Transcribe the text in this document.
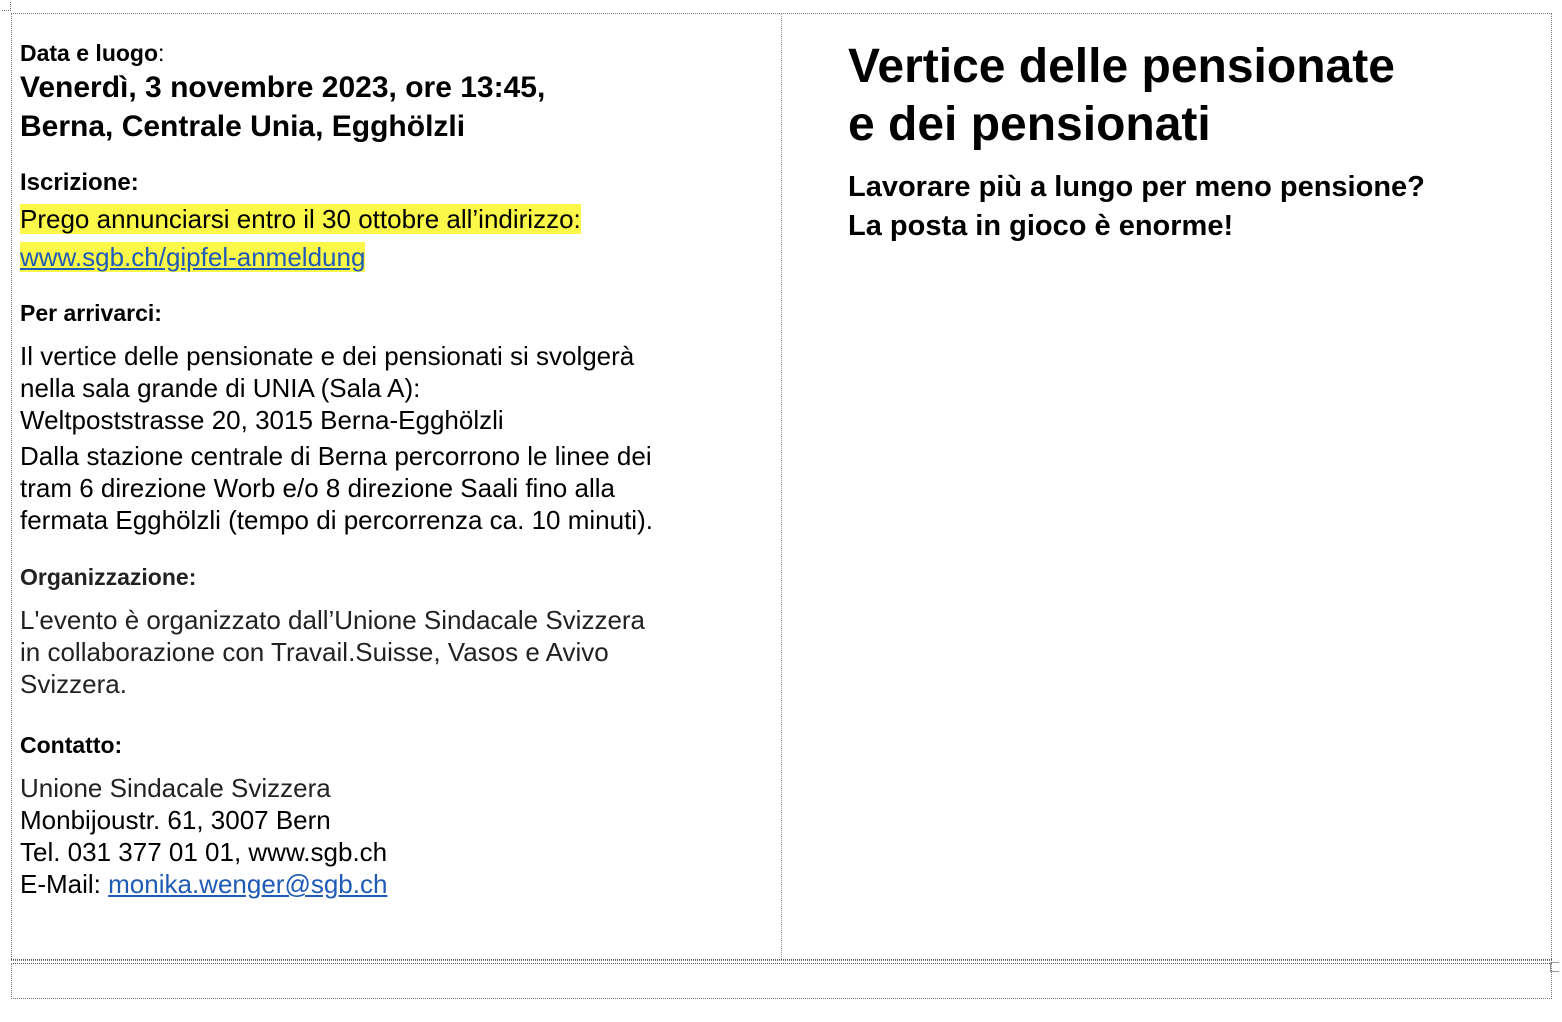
Data e luogo:
Venerdì, 3 novembre 2023, ore 13:45,
Berna, Centrale Unia, Egghölzli
Iscrizione:
Prego annunciarsi entro il 30 ottobre all’indirizzo:
www.sgb.ch/gipfel-anmeldung
Per arrivarci:
Il vertice delle pensionate e dei pensionati si svolgerà
nella sala grande di UNIA (Sala A):
Weltpoststrasse 20, 3015 Berna-Egghölzli
Dalla stazione centrale di Berna percorrono le linee dei
tram 6 direzione Worb e/o 8 direzione Saali fino alla
fermata Egghölzli (tempo di percorrenza ca. 10 minuti).
Organizzazione:
L'evento è organizzato dall’Unione Sindacale Svizzera
in collaborazione con Travail.Suisse, Vasos e Avivo
Svizzera.
Contatto:
Unione Sindacale Svizzera
Monbijoustr. 61, 3007 Bern
Tel. 031 377 01 01, www.sgb.ch
E-Mail: monika.wenger@sgb.ch
Vertice delle pensionate
e dei pensionati
Lavorare più a lungo per meno pensione?
La posta in gioco è enorme!
